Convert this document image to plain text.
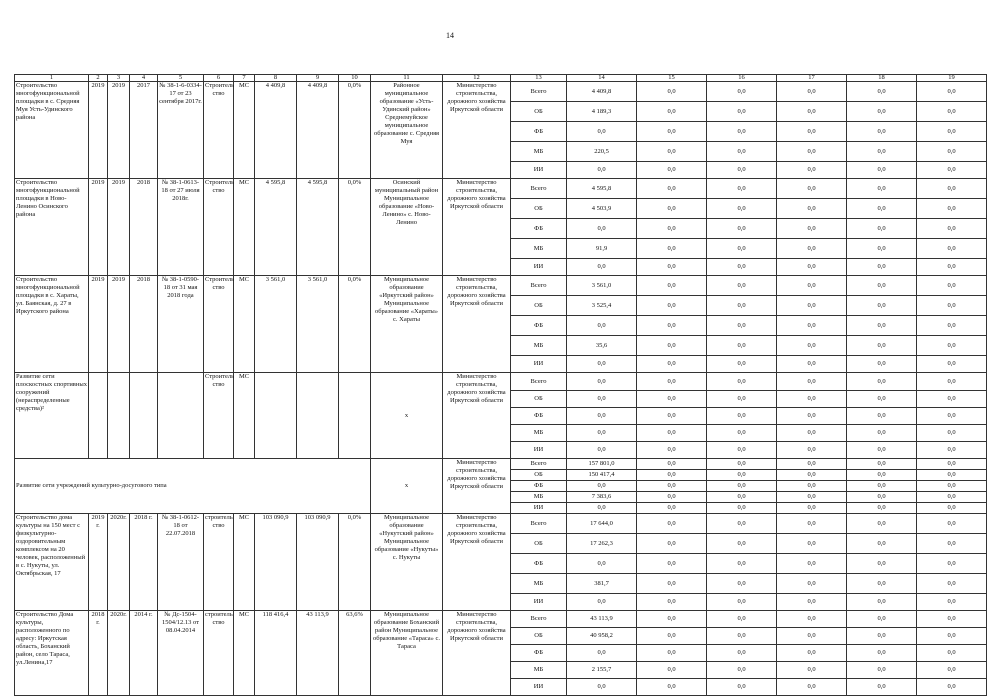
14
1	2	3	4	5	6	7	8	9	10	11	12	13	14	15	16	17	18	19
Строительство многофункциональной площадки в с. Средняя Муя Усть-Удинского района	2019	2019	2017	№ 38-1-6-0334-17 от 23 сентября 2017г.	Строитель ство	МС	4 409,8	4 409,8	0,0%	Районное муниципальное образование «Усть-Удинский район» Среднемуйское муниципальное образование с. Средняя Муя	Министерство строительства, дорожного хозяйства Иркутской области	Всего	4 409,8	0,0	0,0	0,0	0,0	0,0
												ОБ	4 189,3	0,0	0,0	0,0	0,0	0,0
												ФБ	0,0	0,0	0,0	0,0	0,0	0,0
												МБ	220,5	0,0	0,0	0,0	0,0	0,0
												ИИ	0,0	0,0	0,0	0,0	0,0	0,0
Строительство многофункциональной площадки в Ново-Ленино Осинского района	2019	2019	2018	№ 38-1-0613-18 от 27 июля 2018г.	Строитель ство	МС	4 595,8	4 595,8	0,0%	Осинский муниципальный район Муниципальное образование «Ново-Ленино» с. Ново-Ленино	Министерство строительства, дорожного хозяйства Иркутской области	Всего	4 595,8	0,0	0,0	0,0	0,0	0,0
												ОБ	4 503,9	0,0	0,0	0,0	0,0	0,0
												ФБ	0,0	0,0	0,0	0,0	0,0	0,0
												МБ	91,9	0,0	0,0	0,0	0,0	0,0
												ИИ	0,0	0,0	0,0	0,0	0,0	0,0
Строительство многофункциональной площадки в с. Хараты, ул. Баянская, д. 27 в Иркутского района	2019	2019	2018	№ 38-1-0590-18 от 31 мая 2018 года	Строитель ство	МС	3 561,0	3 561,0	0,0%	Муниципальное образование «Иркутский район» Муниципальное образование «Хараты» с. Хараты	Министерство строительства, дорожного хозяйства Иркутской области	Всего	3 561,0	0,0	0,0	0,0	0,0	0,0
												ОБ	3 525,4	0,0	0,0	0,0	0,0	0,0
												ФБ	0,0	0,0	0,0	0,0	0,0	0,0
												МБ	35,6	0,0	0,0	0,0	0,0	0,0
												ИИ	0,0	0,0	0,0	0,0	0,0	0,0
Развитие сети плоскостных спортивных сооружений (нераспределенные средства)²					Строитель ство	МС				x	Министерство строительства, дорожного хозяйства Иркутской области	Всего	0,0	0,0	0,0	0,0	0,0	0,0
												ОБ	0,0	0,0	0,0	0,0	0,0	0,0
												ФБ	0,0	0,0	0,0	0,0	0,0	0,0
												МБ	0,0	0,0	0,0	0,0	0,0	0,0
												ИИ	0,0	0,0	0,0	0,0	0,0	0,0
Развитие сети учреждений культурно-досугового типа										x	Министерство строительства, дорожного хозяйства Иркутской области	Всего	157 801,0	0,0	0,0	0,0	0,0	0,0
												ОБ	150 417,4	0,0	0,0	0,0	0,0	0,0
												ФБ	0,0	0,0	0,0	0,0	0,0	0,0
												МБ	7 383,6	0,0	0,0	0,0	0,0	0,0
												ИИ	0,0	0,0	0,0	0,0	0,0	0,0
Строительство дома культуры на 150 мест с физкультурно-оздоровительным комплексом на 20 человек, расположенный в с. Нукуты, ул. Октябрьская, 17	2019 г.	2020г.	2018 г.	№ 38-1-0612-18 от 22.07.2018	строитель ство	МС	103 090,9	103 090,9	0,0%	Муниципальное образование «Нукутский район» Муниципальное образование «Нукуты» с. Нукуты	Министерство строительства, дорожного хозяйства Иркутской области	Всего	17 644,0	0,0	0,0	0,0	0,0	0,0
												ОБ	17 262,3	0,0	0,0	0,0	0,0	0,0
												ФБ	0,0	0,0	0,0	0,0	0,0	0,0
												МБ	381,7	0,0	0,0	0,0	0,0	0,0
												ИИ	0,0	0,0	0,0	0,0	0,0	0,0
Строительство Дома культуры, расположенного по адресу: Иркутская область, Боханский район, село Тараса, ул.Ленина,17	2018 г.	2020г.	2014 г.	№ Дс-1504-1504/12.13 от 08.04.2014	строитель ство	МС	118 416,4	43 113,9	63,6%	Муниципальное образование Боханский район Муниципальное образование «Тараса» с. Тараса	Министерство строительства, дорожного хозяйства Иркутской области	Всего	43 113,9	0,0	0,0	0,0	0,0	0,0
												ОБ	40 958,2	0,0	0,0	0,0	0,0	0,0
												ФБ	0,0	0,0	0,0	0,0	0,0	0,0
												МБ	2 155,7	0,0	0,0	0,0	0,0	0,0
												ИИ	0,0	0,0	0,0	0,0	0,0	0,0
